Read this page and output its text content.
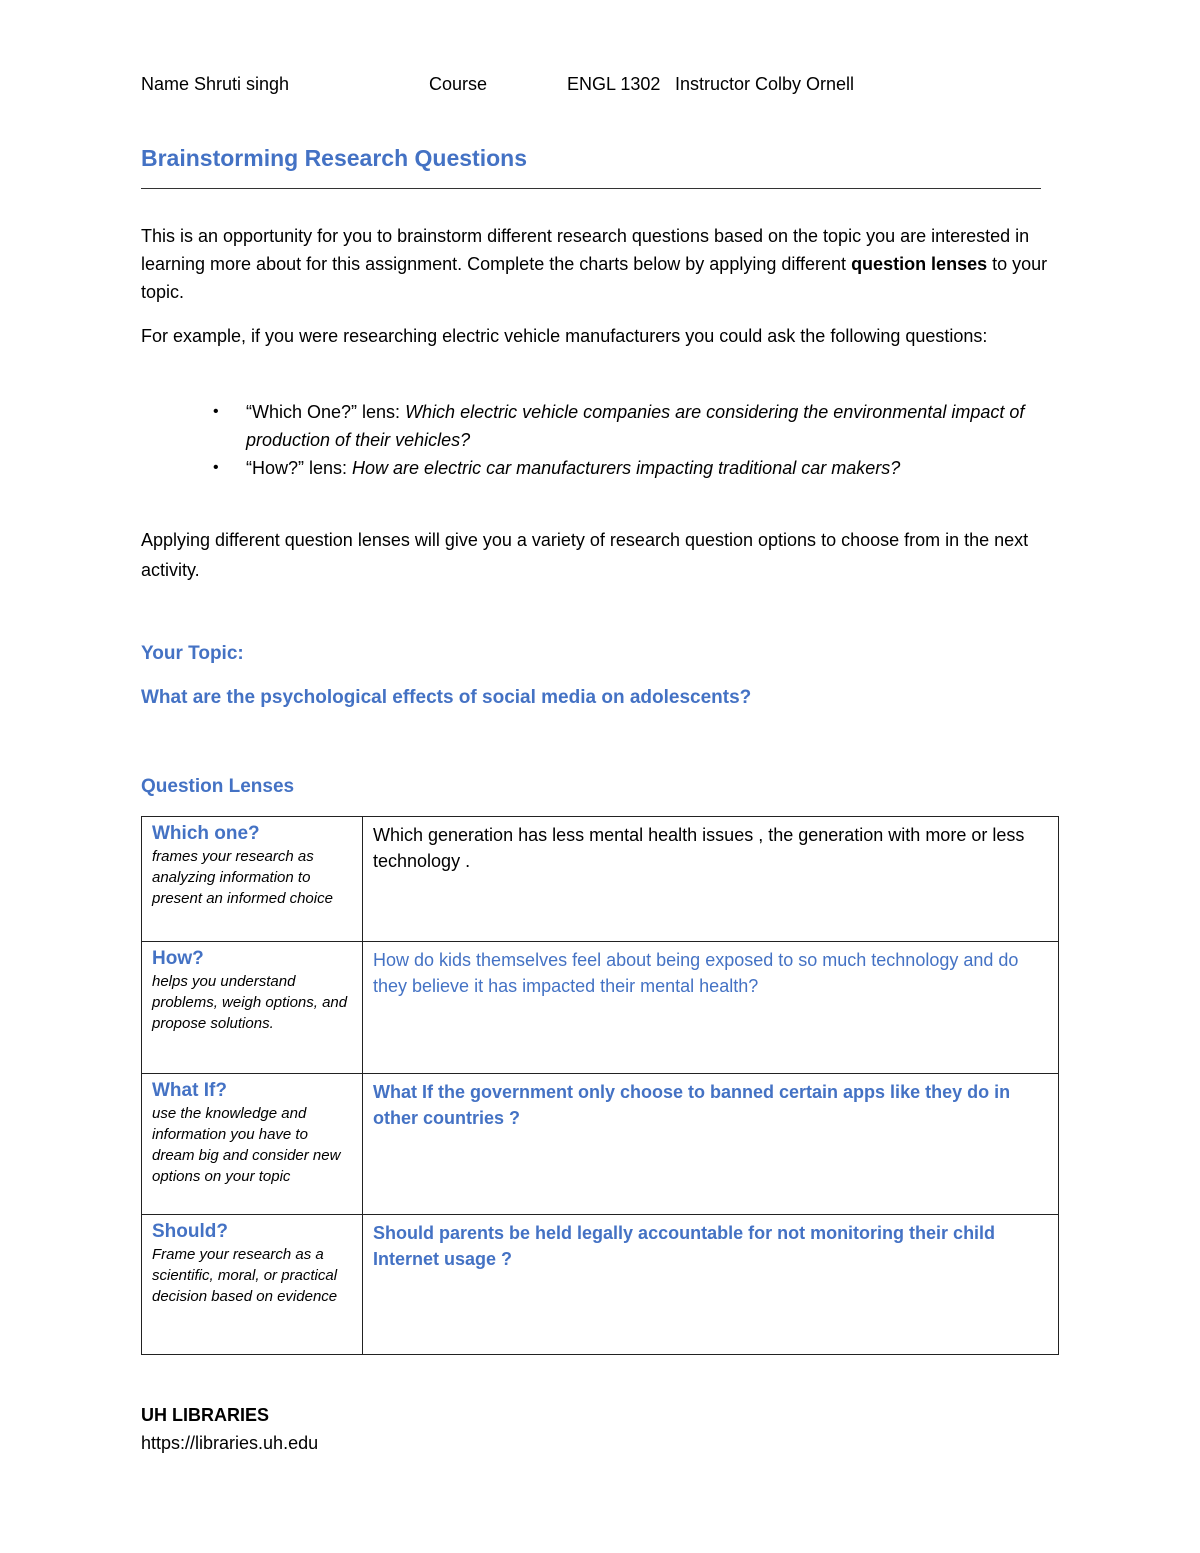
Name Shruti singh	Course	ENGL 1302 Instructor Colby Ornell
Brainstorming Research Questions
This is an opportunity for you to brainstorm different research questions based on the topic you are interested in learning more about for this assignment. Complete the charts below by applying different question lenses to your topic.
For example, if you were researching electric vehicle manufacturers you could ask the following questions:
• “Which One?” lens: Which electric vehicle companies are considering the environmental impact of production of their vehicles?
• “How?” lens: How are electric car manufacturers impacting traditional car makers?
Applying different question lenses will give you a variety of research question options to choose from in the next activity.
Your Topic:
What are the psychological effects of social media on adolescents?
Question Lenses
Which one?
frames your research as analyzing information to present an informed choice	Which generation has less mental health issues , the generation with more or less technology .

How?
helps you understand problems, weigh options, and propose solutions.	How do kids themselves feel about being exposed to so much technology and do they believe it has impacted their mental health?

What If?
use the knowledge and information you have to dream big and consider new options on your topic	What If the government only choose to banned certain apps like they do in other countries ?

Should?
Frame your research as a scientific, moral, or practical decision based on evidence	Should parents be held legally accountable for not monitoring their child Internet usage ?
UH LIBRARIES
https://libraries.uh.edu
